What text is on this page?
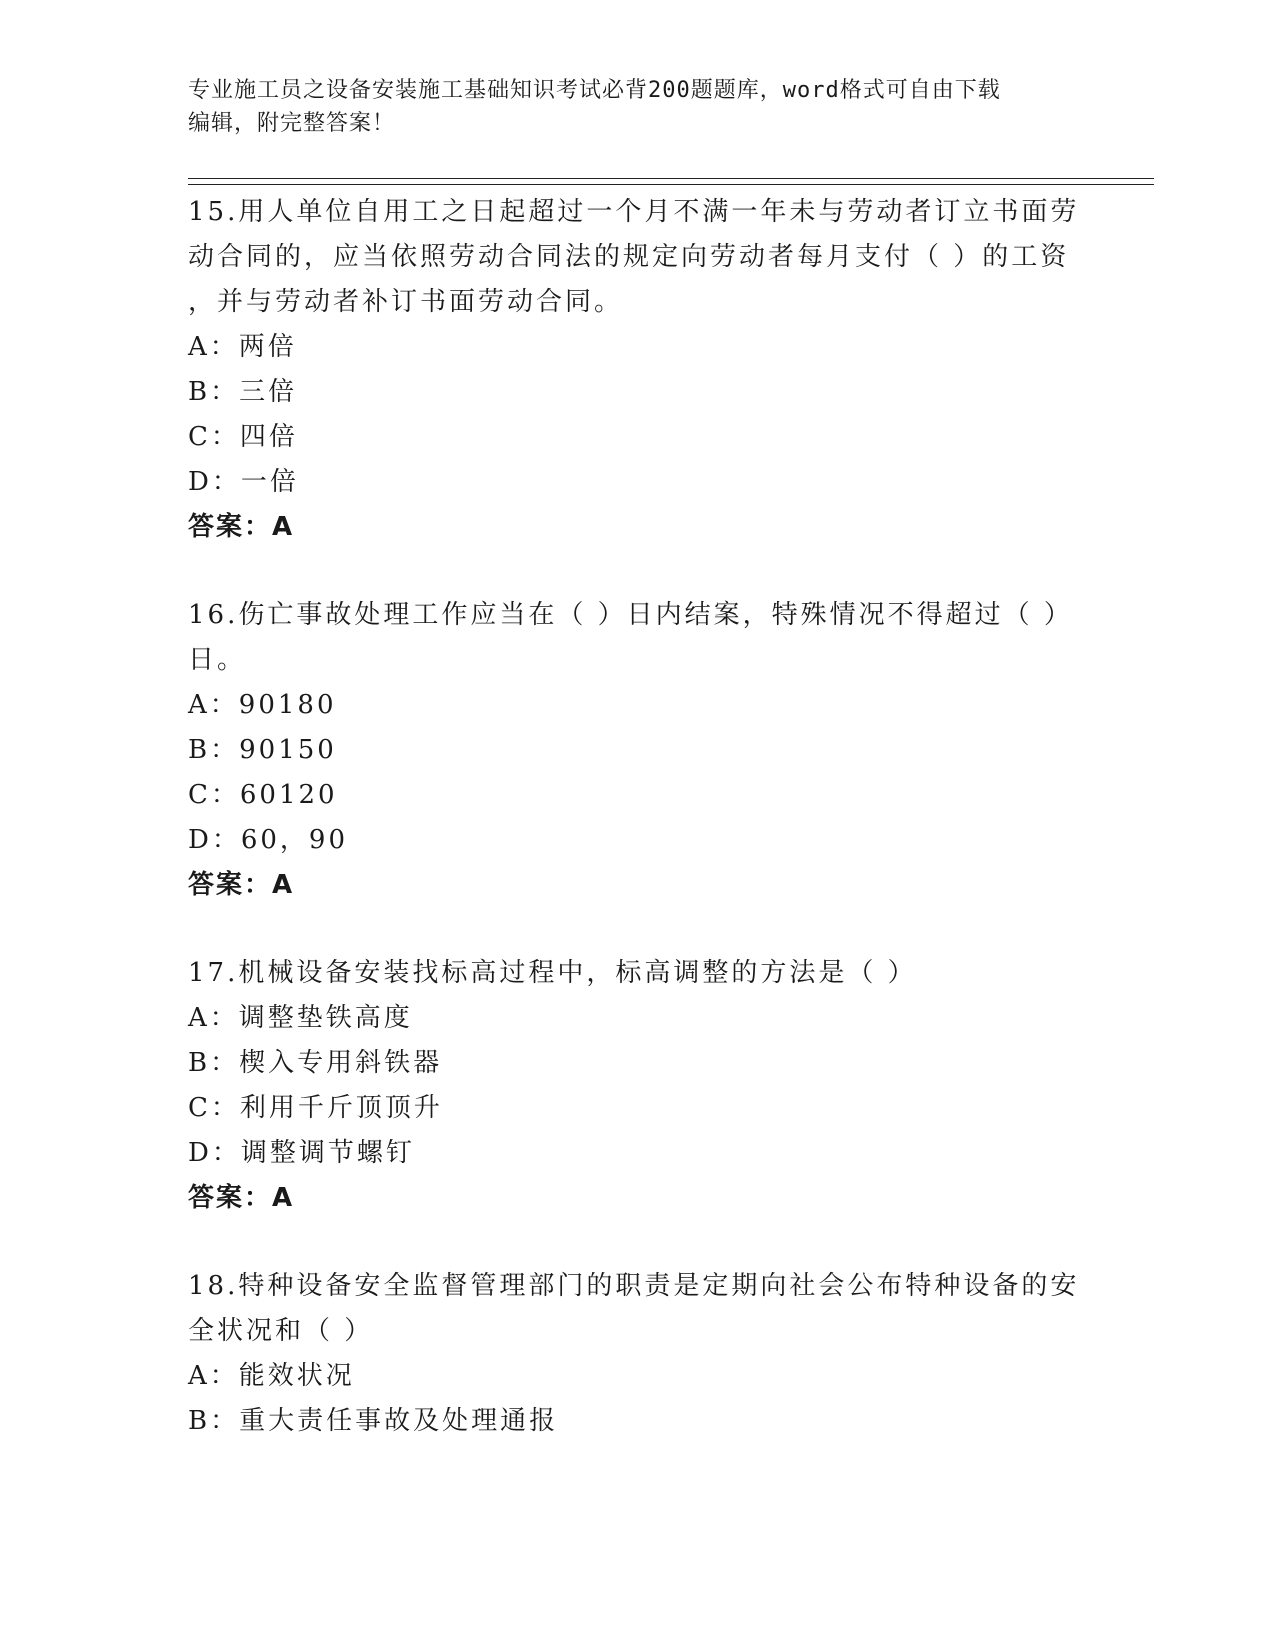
专业施工员之设备安装施工基础知识考试必背200题题库，word格式可自由下载
编辑，附完整答案！

15.用人单位自用工之日起超过一个月不满一年未与劳动者订立书面劳

动合同的，应当依照劳动合同法的规定向劳动者每月支付（ ）的工资

，并与劳动者补订书面劳动合同。

A：两倍

B：三倍

C：四倍

D：一倍

答案：A

16.伤亡事故处理工作应当在（ ）日内结案，特殊情况不得超过（ ）

日。

A：90180

B：90150

C：60120

D：60，90

答案：A

17.机械设备安装找标高过程中，标高调整的方法是（ ）

A：调整垫铁高度

B：楔入专用斜铁器

C：利用千斤顶顶升

D：调整调节螺钉

答案：A

18.特种设备安全监督管理部门的职责是定期向社会公布特种设备的安

全状况和（ ）

A：能效状况

B：重大责任事故及处理通报
